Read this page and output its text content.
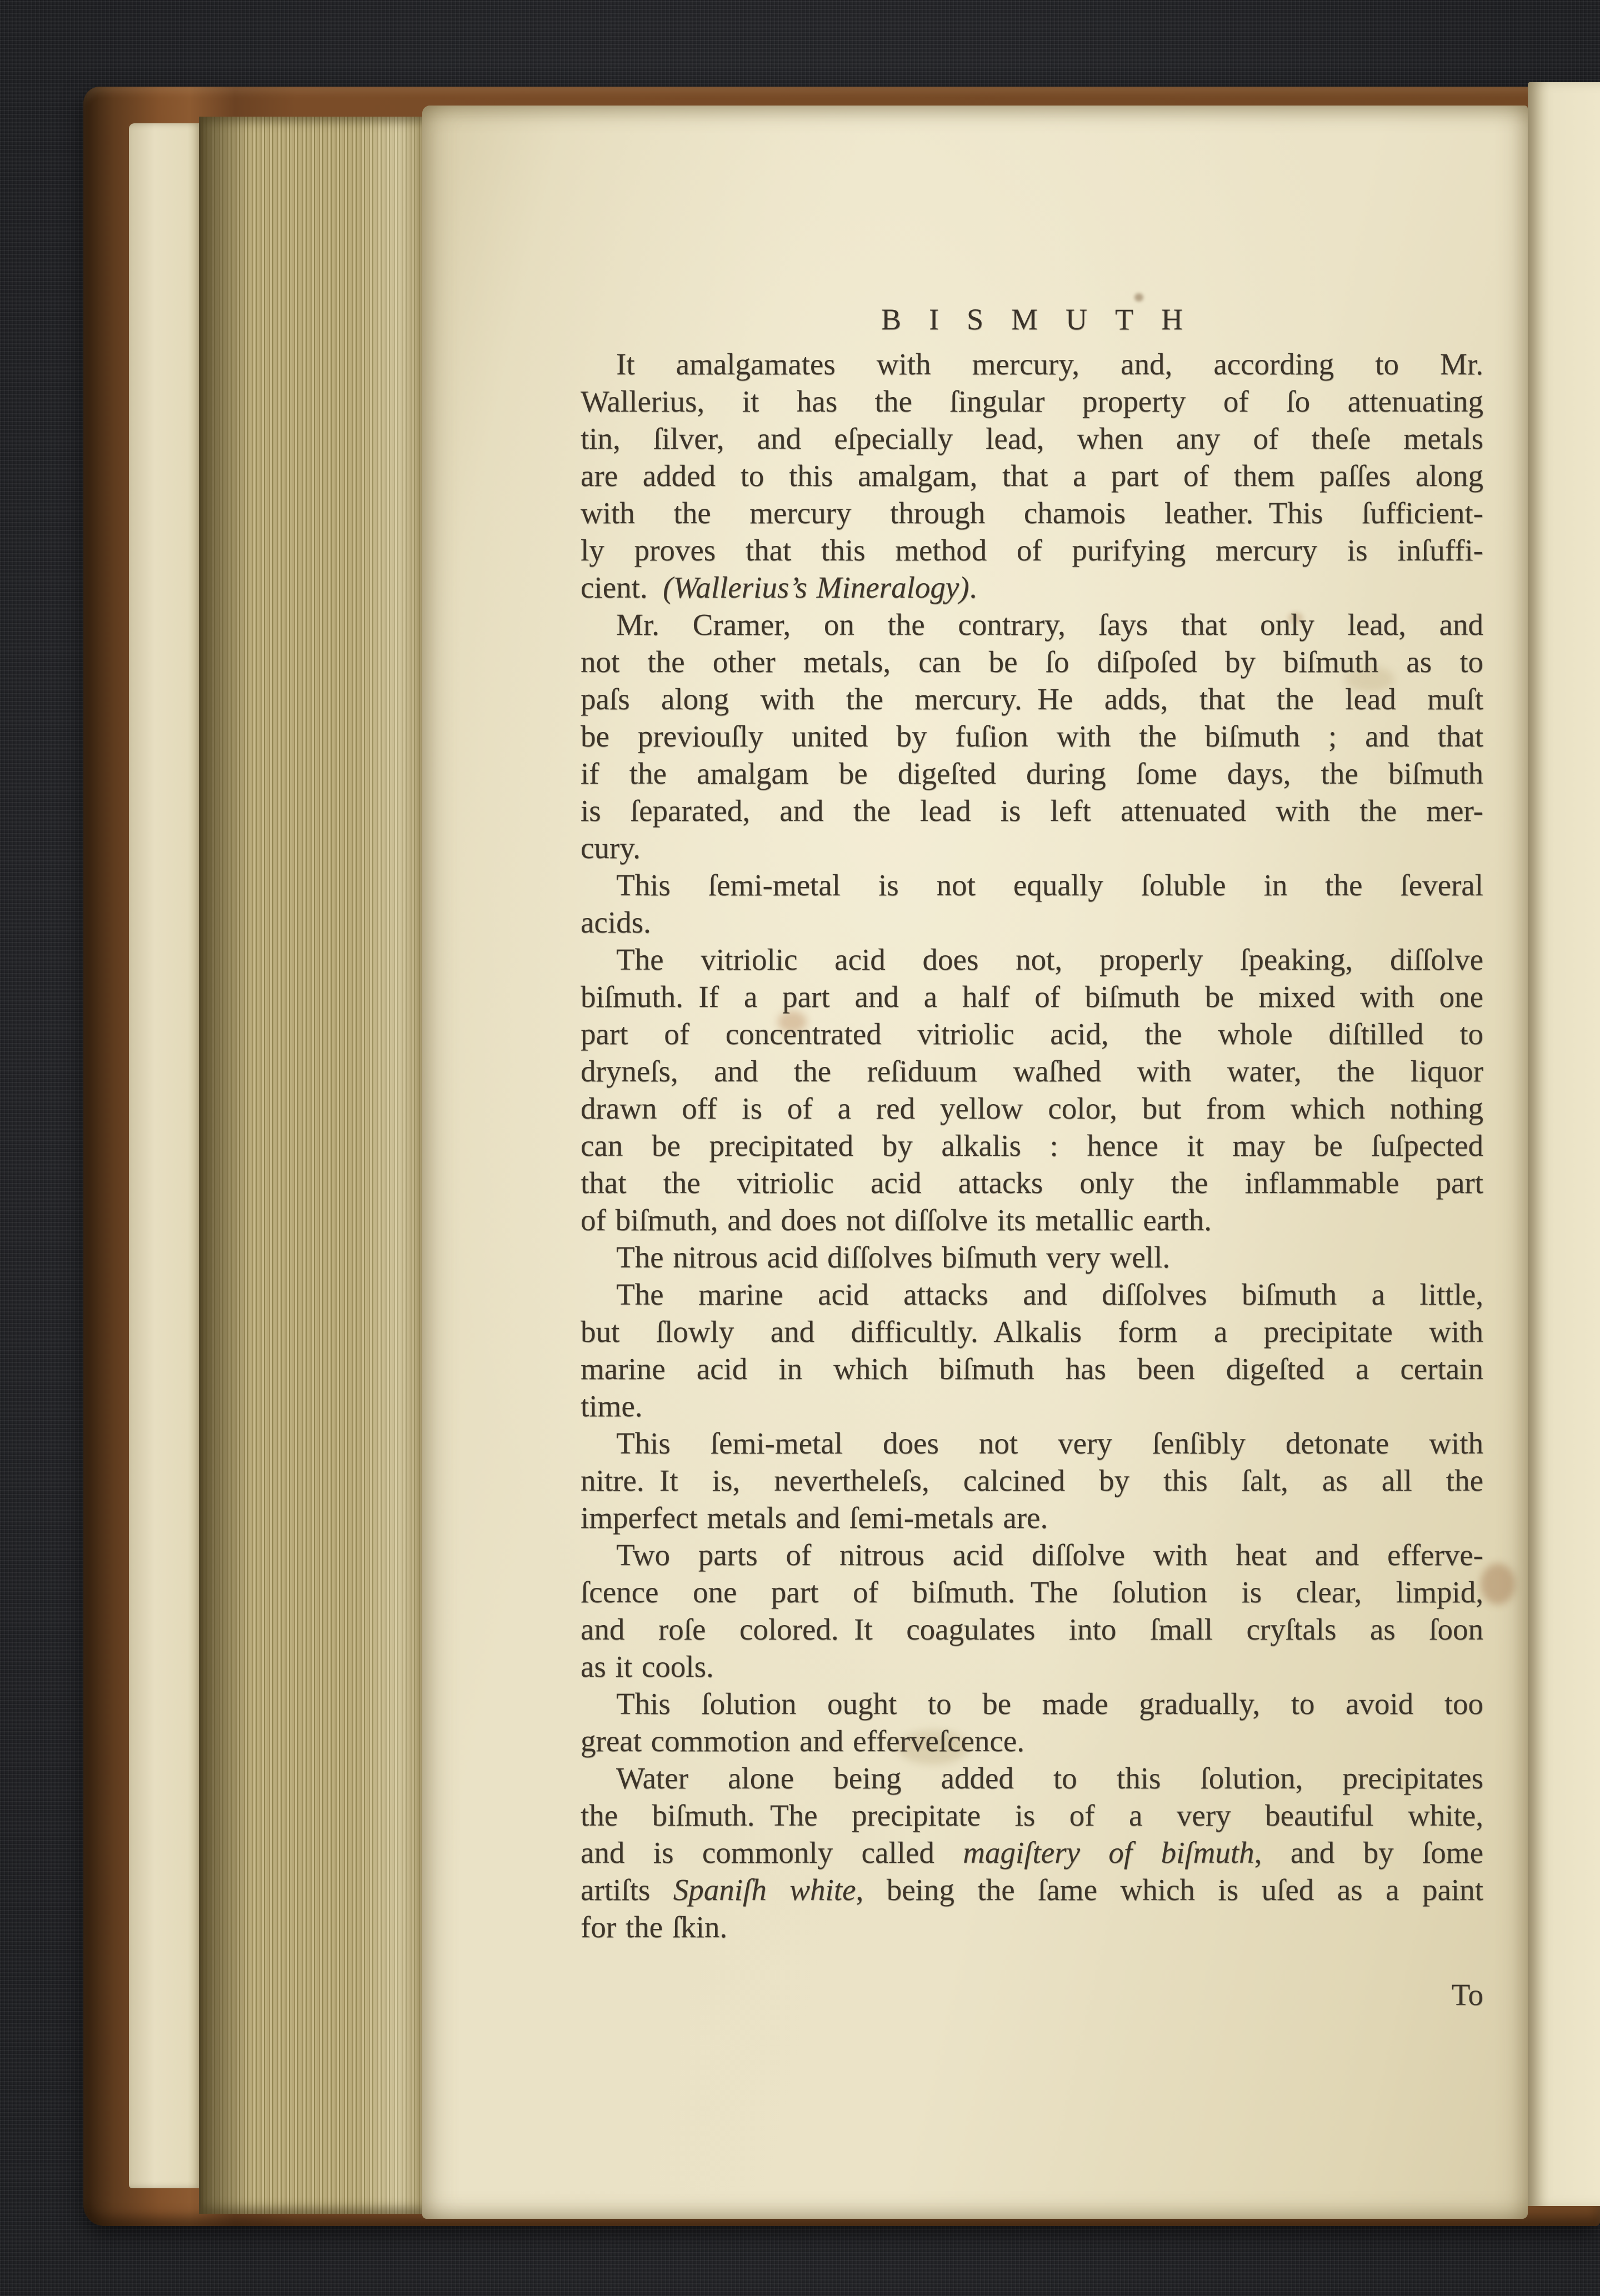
BISMUTH
It amalgamates with mercury, and, according to Mr.
Wallerius, it has the ſingular property of ſo attenuating
tin, ſilver, and eſpecially lead, when any of theſe metals
are added to this amalgam, that a part of them paſſes along
with the mercury through chamois leather. This ſufficient-
ly proves that this method of purifying mercury is inſuffi-
cient. (Wallerius’s Mineralogy).
Mr. Cramer, on the contrary, ſays that only lead, and
not the other metals, can be ſo diſpoſed by biſmuth as to
paſs along with the mercury. He adds, that the lead muſt
be previouſly united by fuſion with the biſmuth ; and that
if the amalgam be digeſted during ſome days, the biſmuth
is ſeparated, and the lead is left attenuated with the mer-
cury.
This ſemi-metal is not equally ſoluble in the ſeveral
acids.
The vitriolic acid does not, properly ſpeaking, diſſolve
biſmuth. If a part and a half of biſmuth be mixed with one
part of concentrated vitriolic acid, the whole diſtilled to
dryneſs, and the reſiduum waſhed with water, the liquor
drawn off is of a red yellow color, but from which nothing
can be precipitated by alkalis : hence it may be ſuſpected
that the vitriolic acid attacks only the inflammable part
of biſmuth, and does not diſſolve its metallic earth.
The nitrous acid diſſolves biſmuth very well.
The marine acid attacks and diſſolves biſmuth a little,
but ſlowly and difficultly. Alkalis form a precipitate with
marine acid in which biſmuth has been digeſted a certain
time.
This ſemi-metal does not very ſenſibly detonate with
nitre. It is, nevertheleſs, calcined by this ſalt, as all the
imperfect metals and ſemi-metals are.
Two parts of nitrous acid diſſolve with heat and efferve-
ſcence one part of biſmuth. The ſolution is clear, limpid,
and roſe colored. It coagulates into ſmall cryſtals as ſoon
as it cools.
This ſolution ought to be made gradually, to avoid too
great commotion and efferveſcence.
Water alone being added to this ſolution, precipitates
the biſmuth. The precipitate is of a very beautiful white,
and is commonly called magiſtery of biſmuth, and by ſome
artiſts Spaniſh white, being the ſame which is uſed as a paint
for the ſkin.
To
